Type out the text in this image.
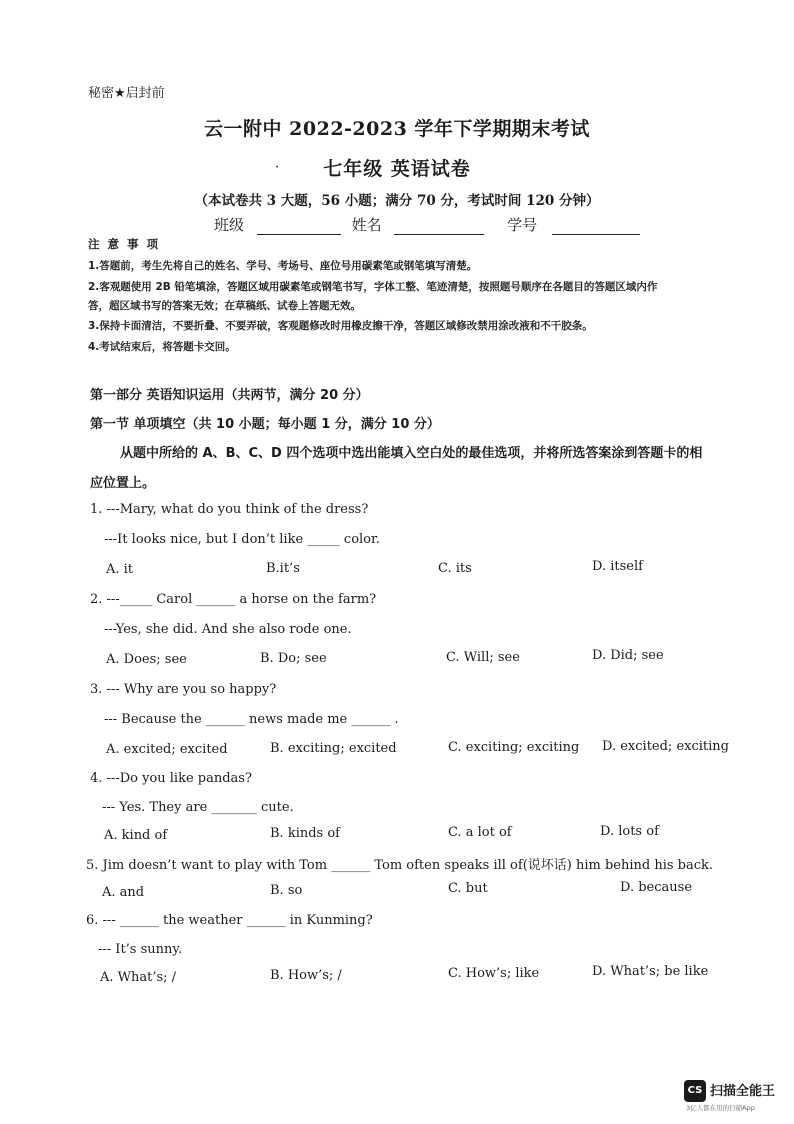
秘密★启封前
云一附中 2022-2023 学年下学期期末考试
·	七年级 英语试卷
（本试卷共 3 大题，56 小题；满分 70 分，考试时间 120 分钟）
班级	姓名	学号
注 意 事 项
1.答题前，考生先将自己的姓名、学号、考场号、座位号用碳素笔或钢笔填写清楚。
2.客观题使用 2B 铅笔填涂，答题区域用碳素笔或钢笔书写，字体工整、笔迹清楚，按照题号顺序在各题目的答题区域内作
答，超区域书写的答案无效；在草稿纸、试卷上答题无效。
3.保持卡面清洁，不要折叠、不要弄破，客观题修改时用橡皮擦干净，答题区域修改禁用涂改液和不干胶条。
4.考试结束后，将答题卡交回。
第一部分 英语知识运用（共两节，满分 20 分）
第一节 单项填空（共 10 小题；每小题 1 分，满分 10 分）
从题中所给的 A、B、C、D 四个选项中选出能填入空白处的最佳选项，并将所选答案涂到答题卡的相
应位置上。
1. ---Mary, what do you think of the dress?
---It looks nice, but I don’t like _____ color.
A. it	B.it’s	C. its	D. itself
2. ---_____ Carol ______ a horse on the farm?
---Yes, she did. And she also rode one.
A. Does; see	B. Do; see	C. Will; see	D. Did; see
3. --- Why are you so happy?
--- Because the ______ news made me ______ .
A. excited; excited	B. exciting; excited	C. exciting; exciting D. excited; exciting
4. ---Do you like pandas?
--- Yes. They are _______ cute.
A. kind of	B. kinds of	C. a lot of	D. lots of
5. Jim doesn’t want to play with Tom ______ Tom often speaks ill of(说坏话) him behind his back.
A. and	B. so	C. but	D. because
6. --- ______ the weather ______ in Kunming?
--- It’s sunny.
A. What’s; /	B. How’s; /	C. How’s; like	D. What’s; be like
CS 扫描全能王
3亿人都在用的扫描App
